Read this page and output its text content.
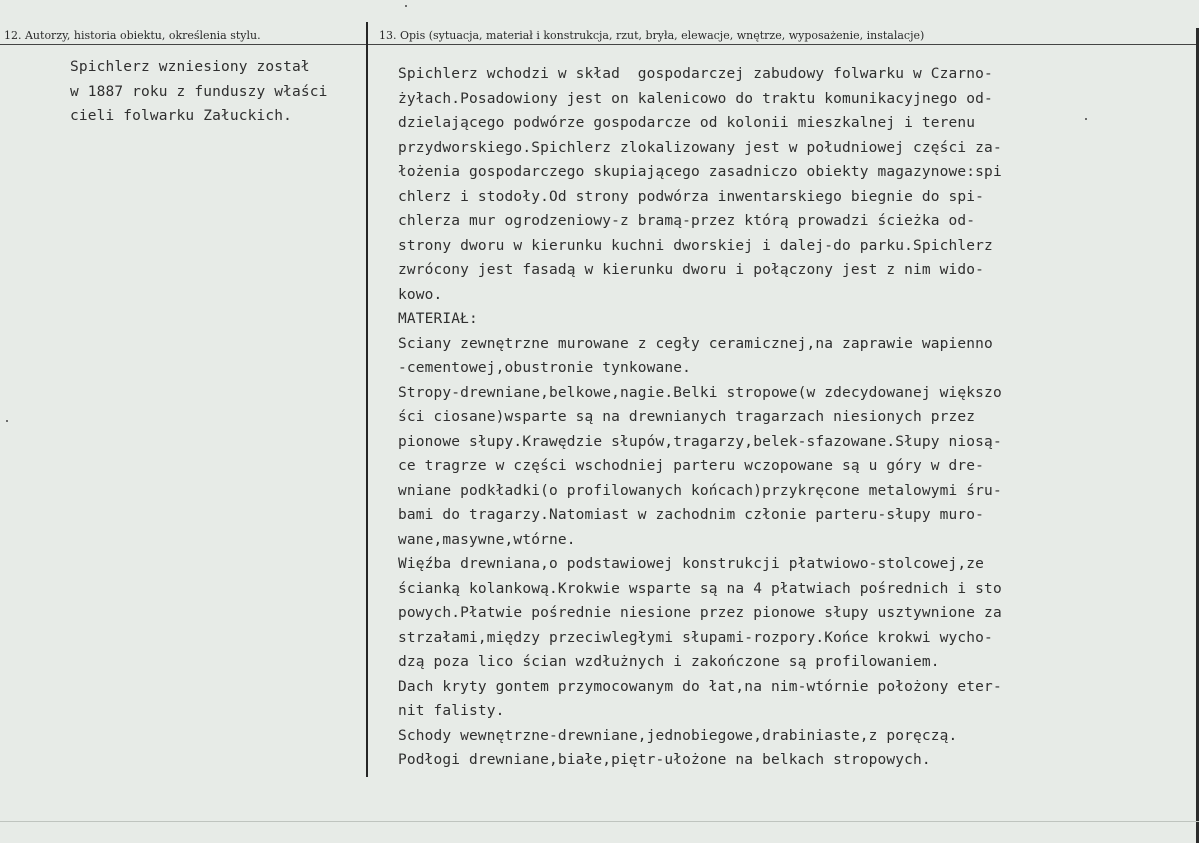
12. Autorzy, historia obiektu, określenia stylu.	13. Opis (sytuacja, materiał i konstrukcja, rzut, bryła, elewacje, wnętrze, wyposażenie, instalacje)
Spichlerz wzniesiony został
w 1887 roku z funduszy właści
cieli folwarku Załuckich.
Spichlerz wchodzi w skład  gospodarczej zabudowy folwarku w Czarno-
żyłach.Posadowiony jest on kalenicowo do traktu komunikacyjnego od-
dzielającego podwórze gospodarcze od kolonii mieszkalnej i terenu
przydworskiego.Spichlerz zlokalizowany jest w południowej części za-
łożenia gospodarczego skupiającego zasadniczo obiekty magazynowe:spi
chlerz i stodoły.Od strony podwórza inwentarskiego biegnie do spi-
chlerza mur ogrodzeniowy-z bramą-przez którą prowadzi ścieżka od-
strony dworu w kierunku kuchni dworskiej i dalej-do parku.Spichlerz
zwrócony jest fasadą w kierunku dworu i połączony jest z nim wido-
kowo.
MATERIAŁ:
Sciany zewnętrzne murowane z cegły ceramicznej,na zaprawie wapienno
-cementowej,obustronie tynkowane.
Stropy-drewniane,belkowe,nagie.Belki stropowe(w zdecydowanej większo
ści ciosane)wsparte są na drewnianych tragarzach niesionych przez
pionowe słupy.Krawędzie słupów,tragarzy,belek-sfazowane.Słupy niosą-
ce tragrze w części wschodniej parteru wczopowane są u góry w dre-
wniane podkładki(o profilowanych końcach)przykręcone metalowymi śru-
bami do tragarzy.Natomiast w zachodnim członie parteru-słupy muro-
wane,masywne,wtórne.
Więźba drewniana,o podstawiowej konstrukcji płatwiowo-stolcowej,ze
ścianką kolankową.Krokwie wsparte są na 4 płatwiach pośrednich i sto
powych.Płatwie pośrednie niesione przez pionowe słupy usztywnione za
strzałami,między przeciwległymi słupami-rozpory.Końce krokwi wycho-
dzą poza lico ścian wzdłużnych i zakończone są profilowaniem.
Dach kryty gontem przymocowanym do łat,na nim-wtórnie położony eter-
nit falisty.
Schody wewnętrzne-drewniane,jednobiegowe,drabiniaste,z poręczą.
Podłogi drewniane,białe,piętr-ułożone na belkach stropowych.
